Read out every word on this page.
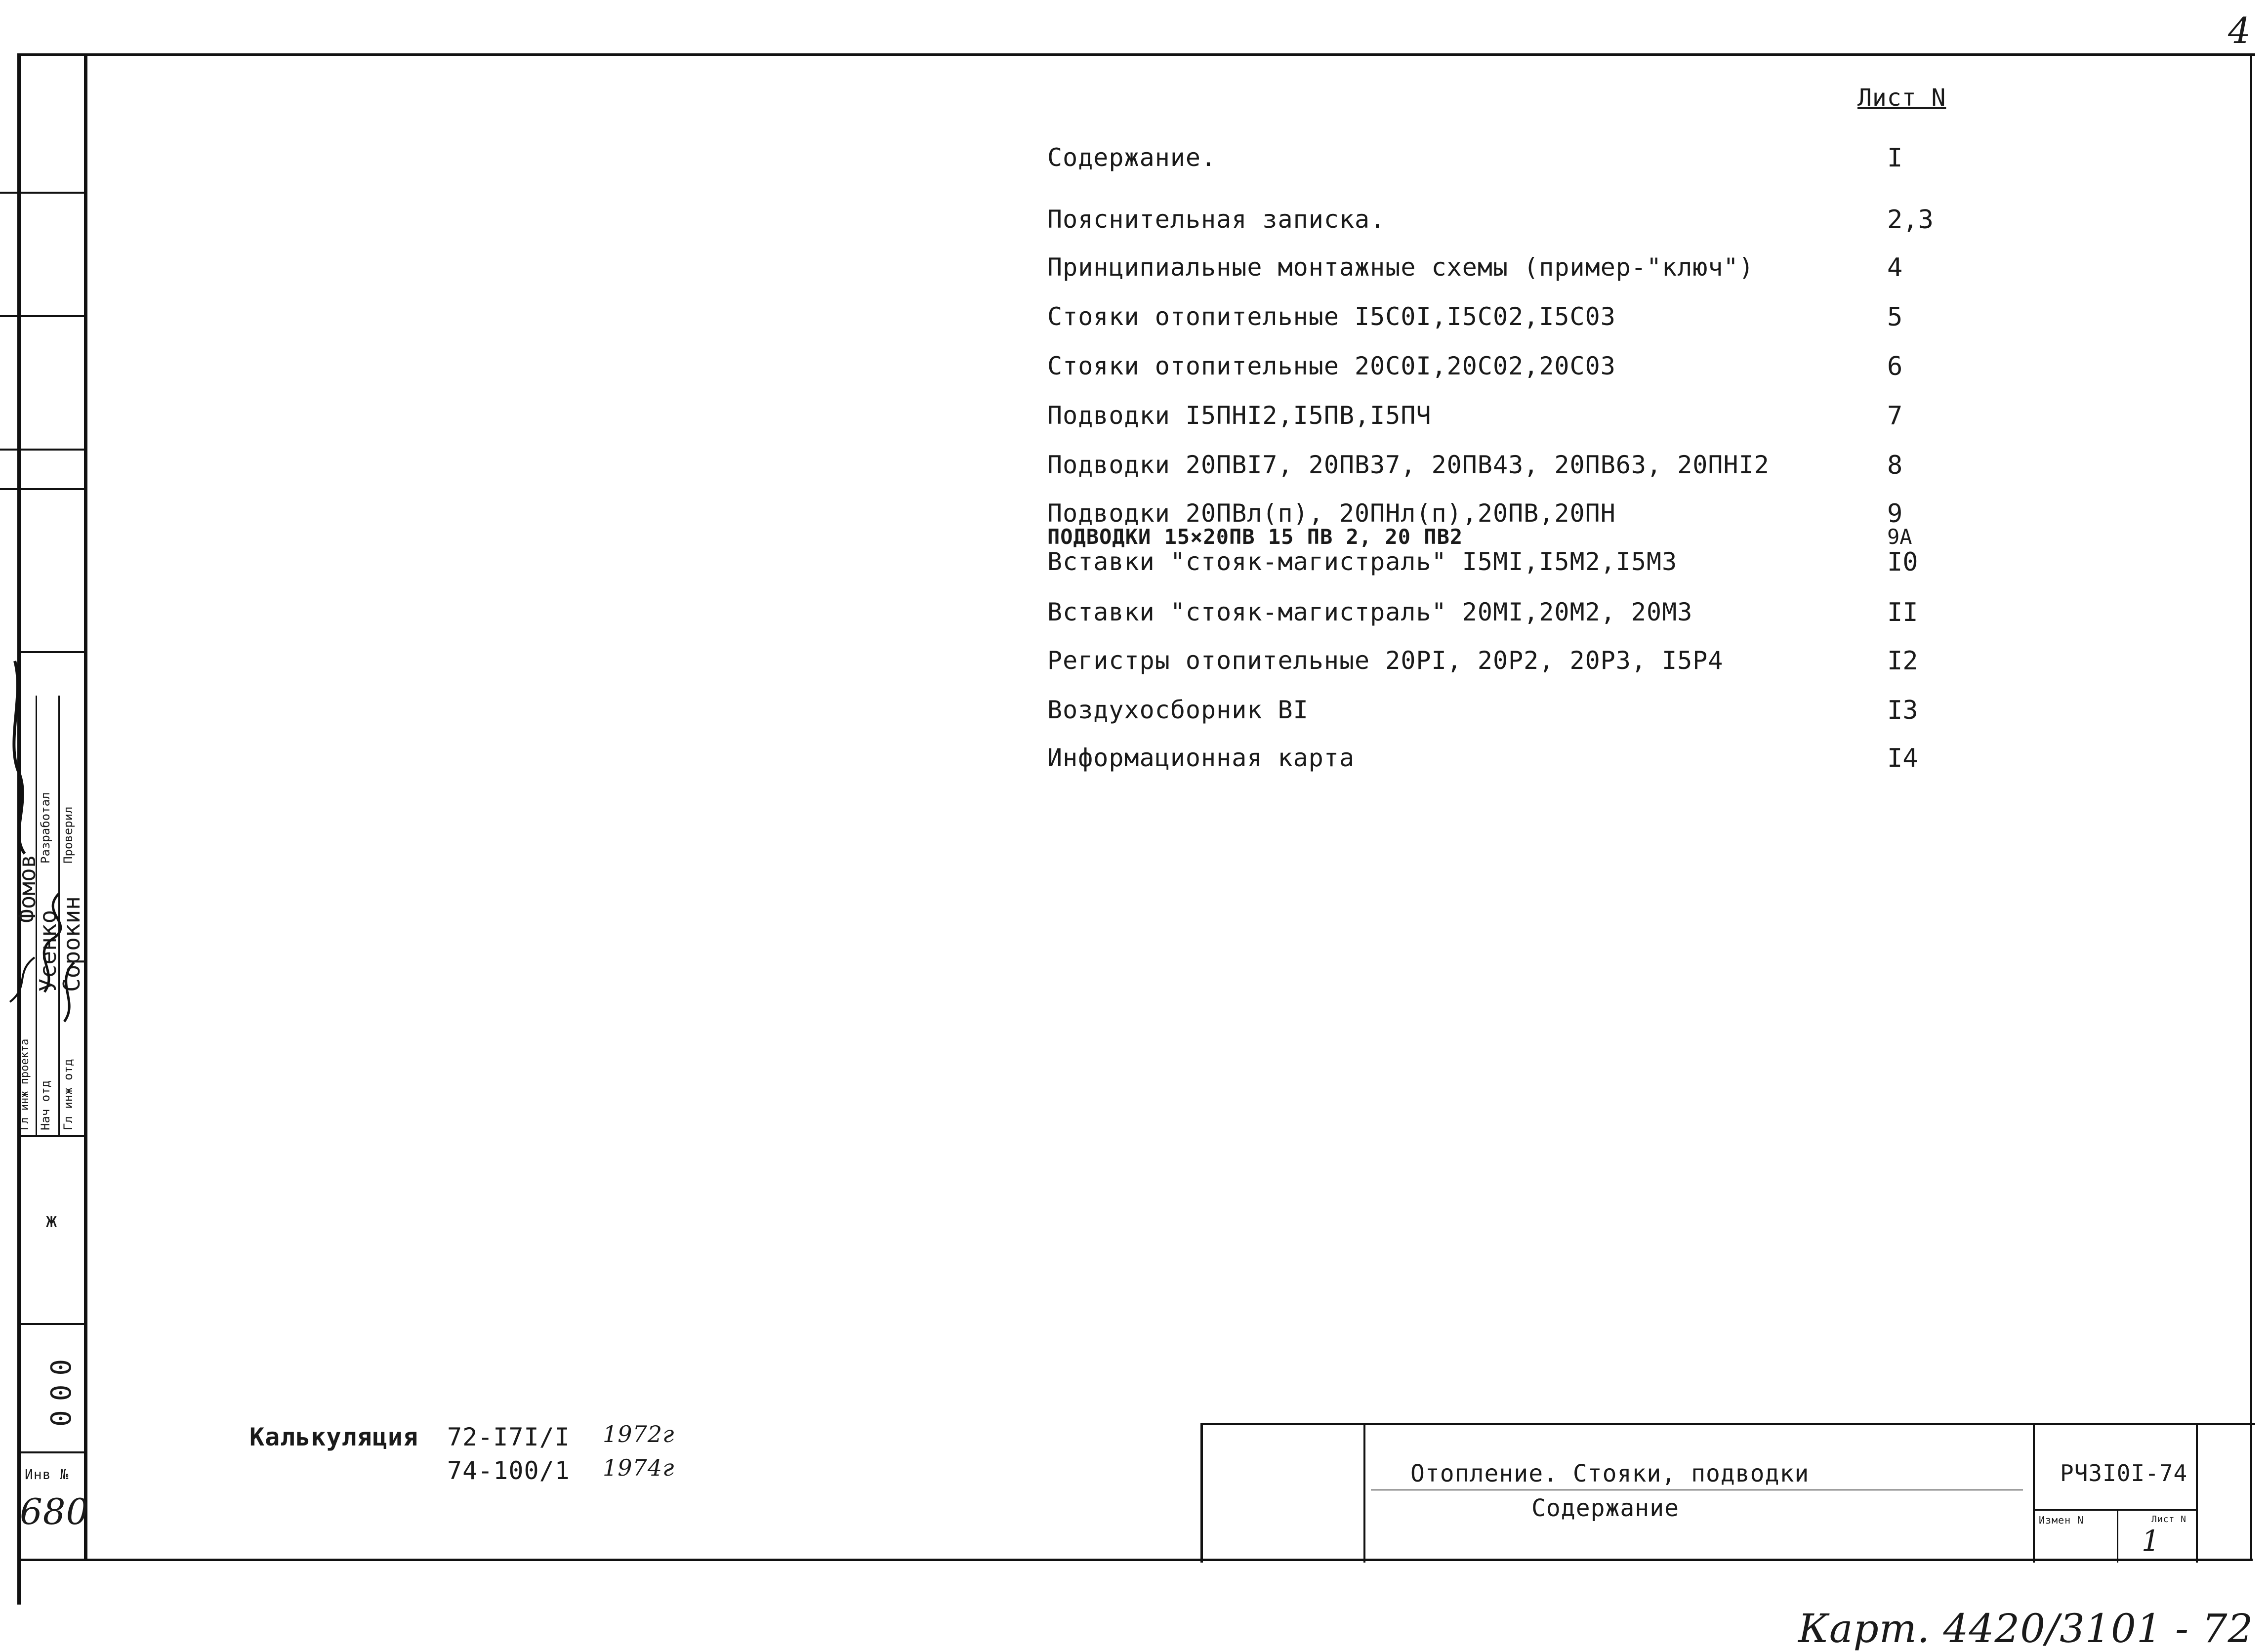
4
Разработал Проверил
Нач отд Гл инж отд
Гл инж проекта
Усенко
Сорокин
Фомов
ж
000
Инв №
680
Лист N
Содержание.	I
Пояснительная записка.	2,3
Принципиальные монтажные схемы (пример-"ключ")	4
Стояки отопительные I5C0I,I5C02,I5C03	5
Стояки отопительные 20C0I,20C02,20C03	6
Подводки I5ПНI2,I5ПВ,I5ПЧ	7
Подводки 20ПВI7, 20ПВ37, 20ПВ43, 20ПВ63, 20ПНI2	8
Подводки 20ПВл(п), 20ПНл(п),20ПВ,20ПН	9
ПОДВОДКИ 15×20ПВ 15 ПВ 2, 20 ПВ2	9А
Вставки "стояк-магистраль" I5МI,I5М2,I5М3	I0
Вставки "стояк-магистраль" 20МI,20М2, 20М3	II
Регистры отопительные 20PI, 20P2, 20P3, I5P4	I2
Воздухосборник ВI	I3
Информационная карта	I4
Калькуляция 72-I7I/I 1972г
74-100/1 1974г	Отопление. Стояки, подводки
Содержание
РЧ3I0I-74
Измен N	Лист N
1
Карт. 4420/3101 - 72
